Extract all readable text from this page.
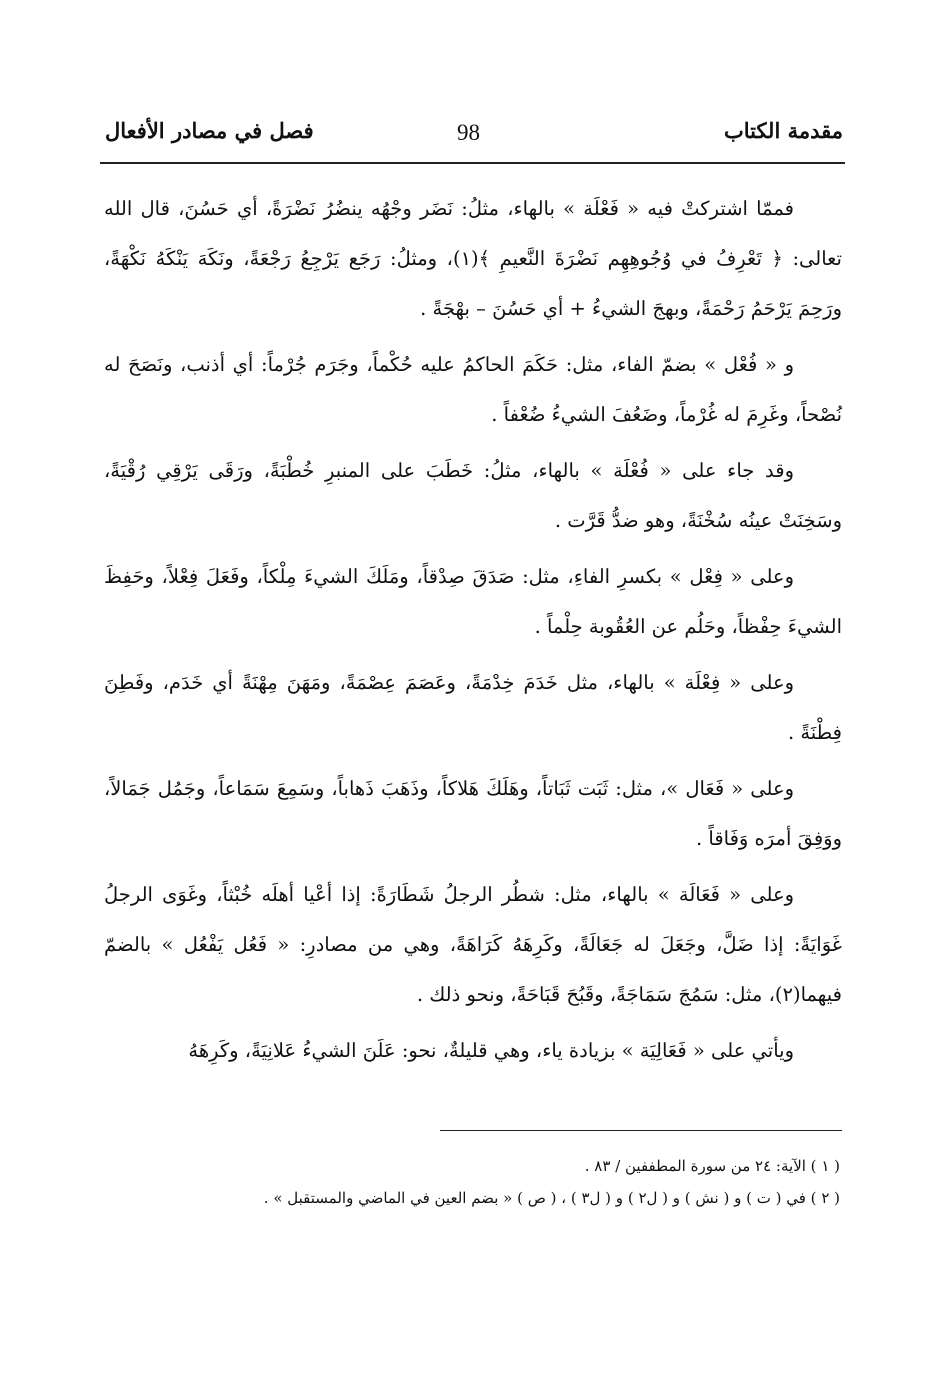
مقدمة الكتاب
98
فصل في مصادر الأفعال

فممّا اشتركتْ فيه « فَعْلَة » بالهاء، مثلُ: نَضَر وجْهُه ينضُرُ نَضْرَةً، أي حَسُنَ، قال الله تعالى: ﴿ تَعْرِفُ في وُجُوهِهِم نَضْرَةَ النَّعيمِ ﴾(١)، ومثلُ: رَجَع يَرْجِعُ رَجْعَةً، ونَكَهَ يَنْكَهُ نَكْهَةً، ورَحِمَ يَرْحَمُ رَحْمَةً، وبهجَ الشيءُ + أي حَسُنَ – بهْجَةً .

و « فُعْل » بضمّ الفاء، مثل: حَكَمَ الحاكمُ عليه حُكْماً، وجَرَم جُرْماً: أي أذنب، ونَصَحَ له نُصْحاً، وغَرِمَ له غُرْماً، وضَعُفَ الشيءُ ضُعْفاً .

وقد جاء على « فُعْلَة » بالهاء، مثلُ: خَطَبَ على المنبرِ خُطْبَةً، ورَقَى يَرْقِي رُقْيَةً، وسَخِنَتْ عينُه سُخْنَةً، وهو ضدُّ قَرَّت .

وعلى « فِعْل » بكسرِ الفاءِ، مثل: صَدَقَ صِدْقاً، ومَلَكَ الشيءَ مِلْكاً، وفَعَلَ فِعْلاً، وحَفِظَ الشيءَ حِفْظاً، وحَلُم عن العُقُوبة حِلْماً .

وعلى « فِعْلَة » بالهاء، مثل خَدَمَ خِدْمَةً، وعَصَمَ عِصْمَةً، ومَهَنَ مِهْنَةً أي خَدَم، وفَطِنَ فِطْنَةً .

وعلى « فَعَال »، مثل: ثَبَت ثَبَاتاً، وهَلَكَ هَلاكاً، وذَهَبَ ذَهاباً، وسَمِعَ سَمَاعاً، وجَمُل جَمَالاً، ووَفِقَ أمرَه وَفَاقاً .

وعلى « فَعَالَة » بالهاء، مثل: شطُر الرجلُ شَطَارَةً: إذا أعْيا أهلَه خُبْثاً، وغَوَى الرجلُ غَوَايَةً: إذا ضَلَّ، وجَعَلَ له جَعَالَةً، وكَرِهَهُ كَرَاهَةً، وهي من مصادرِ: « فَعُل يَفْعُل » بالضمّ فيهما(٢)، مثل: سَمُجَ سَمَاجَةً، وقَبُحَ قَبَاحَةً، ونحو ذلك .

ويأتي على « فَعَالِيَة » بزيادة ياء، وهي قليلةٌ، نحو: عَلَنَ الشيءُ عَلانِيَةً، وكَرِهَهُ

( ١ ) الآية: ٢٤ من سورة المطففين / ٨٣ .

( ٢ ) في ( ت ) و ( نش ) و ( ل٢ ) و ( ل٣ ) ، ( ص ) « بضم العين في الماضي والمستقبل » .
